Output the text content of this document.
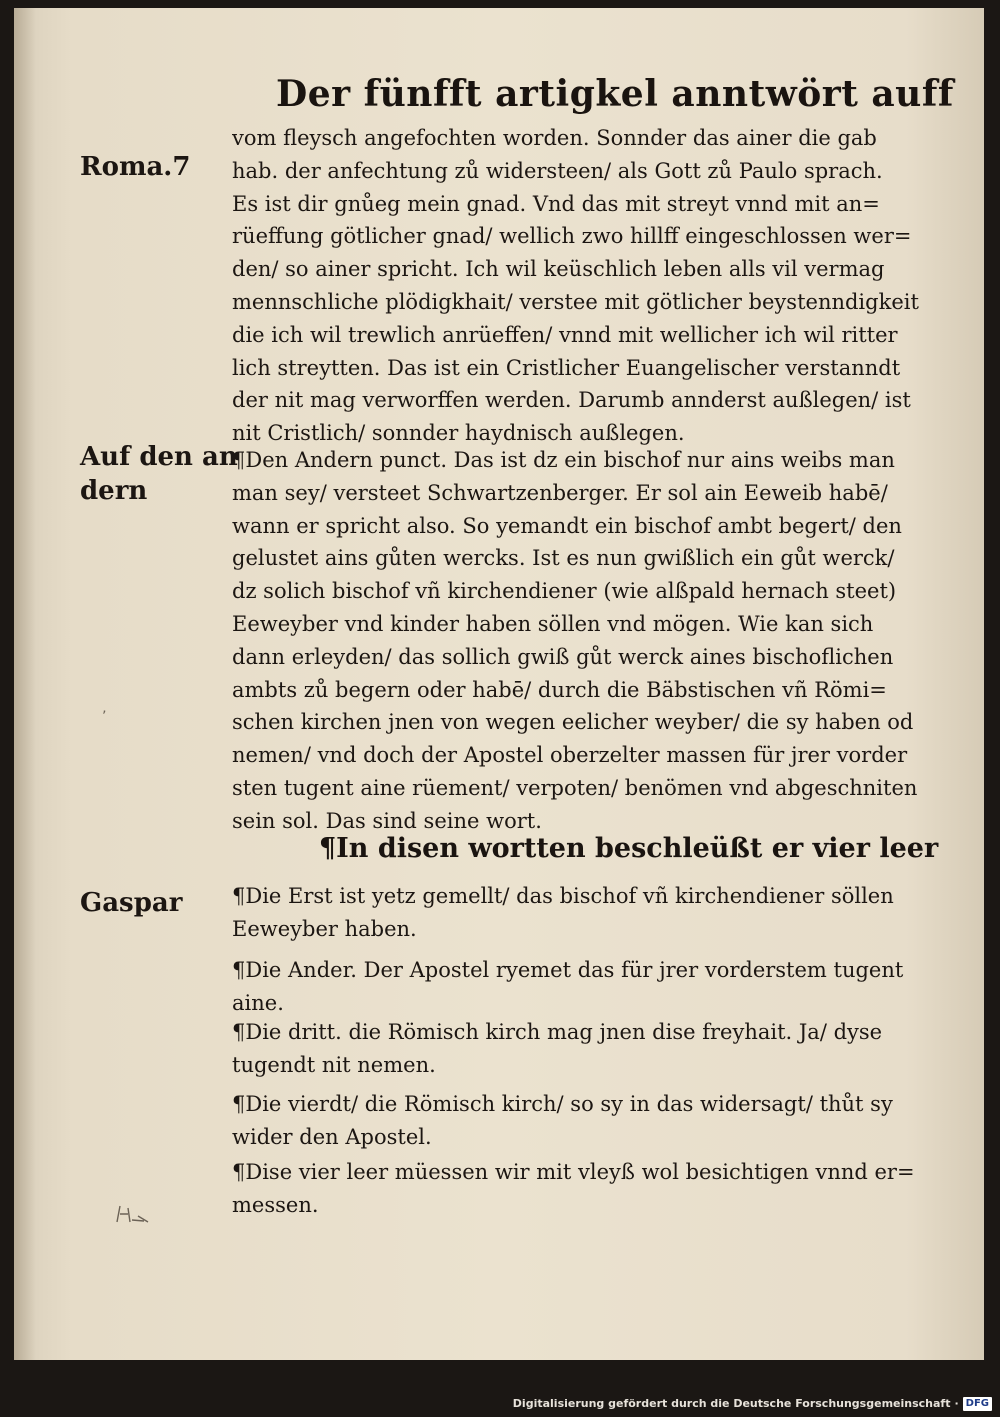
Der fünfft artigkel anntwört auff
Roma.7
Auf den an
dern
Gaspar
vom fleysch angefochten worden. Sonnder das ainer die gab
hab. der anfechtung zů widersteen/ als Gott zů Paulo sprach.
Es ist dir gnůeg mein gnad. Vnd das mit streyt vnnd mit an=
rüeffung götlicher gnad/ wellich zwo hillff eingeschlossen wer=
den/ so ainer spricht. Ich wil keüschlich leben alls vil vermag
mennschliche plödigkhait/ verstee mit götlicher beystenndigkeit
die ich wil trewlich anrüeffen/ vnnd mit wellicher ich wil ritter
lich streytten. Das ist ein Cristlicher Euangelischer verstanndt
der nit mag verworffen werden. Darumb annderst außlegen/ ist
nit Cristlich/ sonnder haydnisch außlegen.
¶Den Andern punct. Das ist dz ein bischof nur ains weibs man
man sey/ versteet Schwartzenberger. Er sol ain Eeweib habē/
wann er spricht also. So yemandt ein bischof ambt begert/ den
gelustet ains gůten wercks. Ist es nun gwißlich ein gůt werck/
dz solich bischof vñ kirchendiener (wie alßpald hernach steet)
Eeweyber vnd kinder haben söllen vnd mögen. Wie kan sich
dann erleyden/ das sollich gwiß gůt werck aines bischoflichen
ambts zů begern oder habē/ durch die Bäbstischen vñ Römi=
schen kirchen jnen von wegen eelicher weyber/ die sy haben od
nemen/ vnd doch der Apostel oberzelter massen für jrer vorder
sten tugent aine rüement/ verpoten/ benömen vnd abgeschniten
sein sol. Das sind seine wort.
’
¶In disen wortten beschleüßt er vier leer
¶Die Erst ist yetz gemellt/ das bischof vñ kirchendiener söllen
Eeweyber haben.
¶Die Ander. Der Apostel ryemet das für jrer vorderstem tugent
aine.
¶Die dritt. die Römisch kirch mag jnen dise freyhait. Ja/ dyse
tugendt nit nemen.
¶Die vierdt/ die Römisch kirch/ so sy in das widersagt/ thůt sy
wider den Apostel.
¶Dise vier leer müessen wir mit vleyß wol besichtigen vnnd er=
messen.
Digitalisierung gefördert durch die Deutsche Forschungsgemeinschaft · DFG
